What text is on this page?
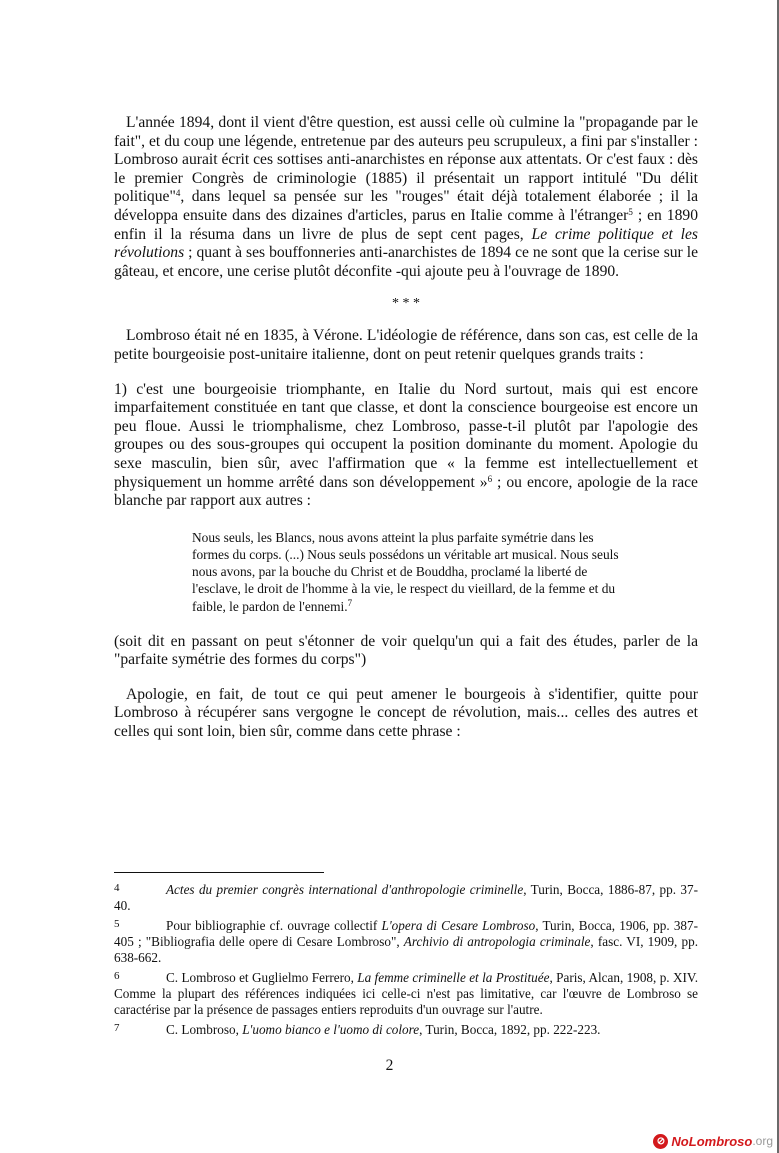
L'année 1894, dont il vient d'être question, est aussi celle où culmine la "propagande par le fait", et du coup une légende, entretenue par des auteurs peu scrupuleux, a fini par s'installer : Lombroso aurait écrit ces sottises anti-anarchistes en réponse aux attentats. Or c'est faux : dès le premier Congrès de criminologie (1885) il présentait un rapport intitulé "Du délit politique"$^4$, dans lequel sa pensée sur les "rouges" était déjà totalement élaborée ; il la développa ensuite dans des dizaines d'articles, parus en Italie comme à l'étranger$^5$ ; en 1890 enfin il la résuma dans un livre de plus de sept cent pages, Le crime politique et les révolutions ; quant à ses bouffonneries anti-anarchistes de 1894 ce ne sont que la cerise sur le gâteau, et encore, une cerise plutôt déconfite -qui ajoute peu à l'ouvrage de 1890.

* * *

Lombroso était né en 1835, à Vérone. L'idéologie de référence, dans son cas, est celle de la petite bourgeoisie post-unitaire italienne, dont on peut retenir quelques grands traits :

1) c'est une bourgeoisie triomphante, en Italie du Nord surtout, mais qui est encore imparfaitement constituée en tant que classe, et dont la conscience bourgeoise est encore un peu floue. Aussi le triomphalisme, chez Lombroso, passe-t-il plutôt par l'apologie des groupes ou des sous-groupes qui occupent la position dominante du moment. Apologie du sexe masculin, bien sûr, avec l'affirmation que « la femme est intellectuellement et physiquement un homme arrêté dans son développement »$^6$ ; ou encore, apologie de la race blanche par rapport aux autres :

Nous seuls, les Blancs, nous avons atteint la plus parfaite symétrie dans les formes du corps. (...) Nous seuls possédons un véritable art musical. Nous seuls nous avons, par la bouche du Christ et de Bouddha, proclamé la liberté de l'esclave, le droit de l'homme à la vie, le respect du vieillard, de la femme et du faible, le pardon de l'ennemi.$^7$

(soit dit en passant on peut s'étonner de voir quelqu'un qui a fait des études, parler de la "parfaite symétrie des formes du corps")

Apologie, en fait, de tout ce qui peut amener le bourgeois à s'identifier, quitte pour Lombroso à récupérer sans vergogne le concept de révolution, mais... celles des autres et celles qui sont loin, bien sûr, comme dans cette phrase :

4	Actes du premier congrès international d'anthropologie criminelle, Turin, Bocca, 1886-87, pp. 37-40.
5	Pour bibliographie cf. ouvrage collectif L'opera di Cesare Lombroso, Turin, Bocca, 1906, pp. 387-405 ; "Bibliografia delle opere di Cesare Lombroso", Archivio di antropologia criminale, fasc. VI, 1909, pp. 638-662.
6	C. Lombroso et Guglielmo Ferrero, La femme criminelle et la Prostituée, Paris, Alcan, 1908, p. XIV. Comme la plupart des références indiquées ici celle-ci n'est pas limitative, car l'œuvre de Lombroso se caractérise par la présence de passages entiers reproduits d'un ouvrage sur l'autre.
7	C. Lombroso, L'uomo bianco e l'uomo di colore, Turin, Bocca, 1892, pp. 222-223.
2
⊘ NoLombroso .org
